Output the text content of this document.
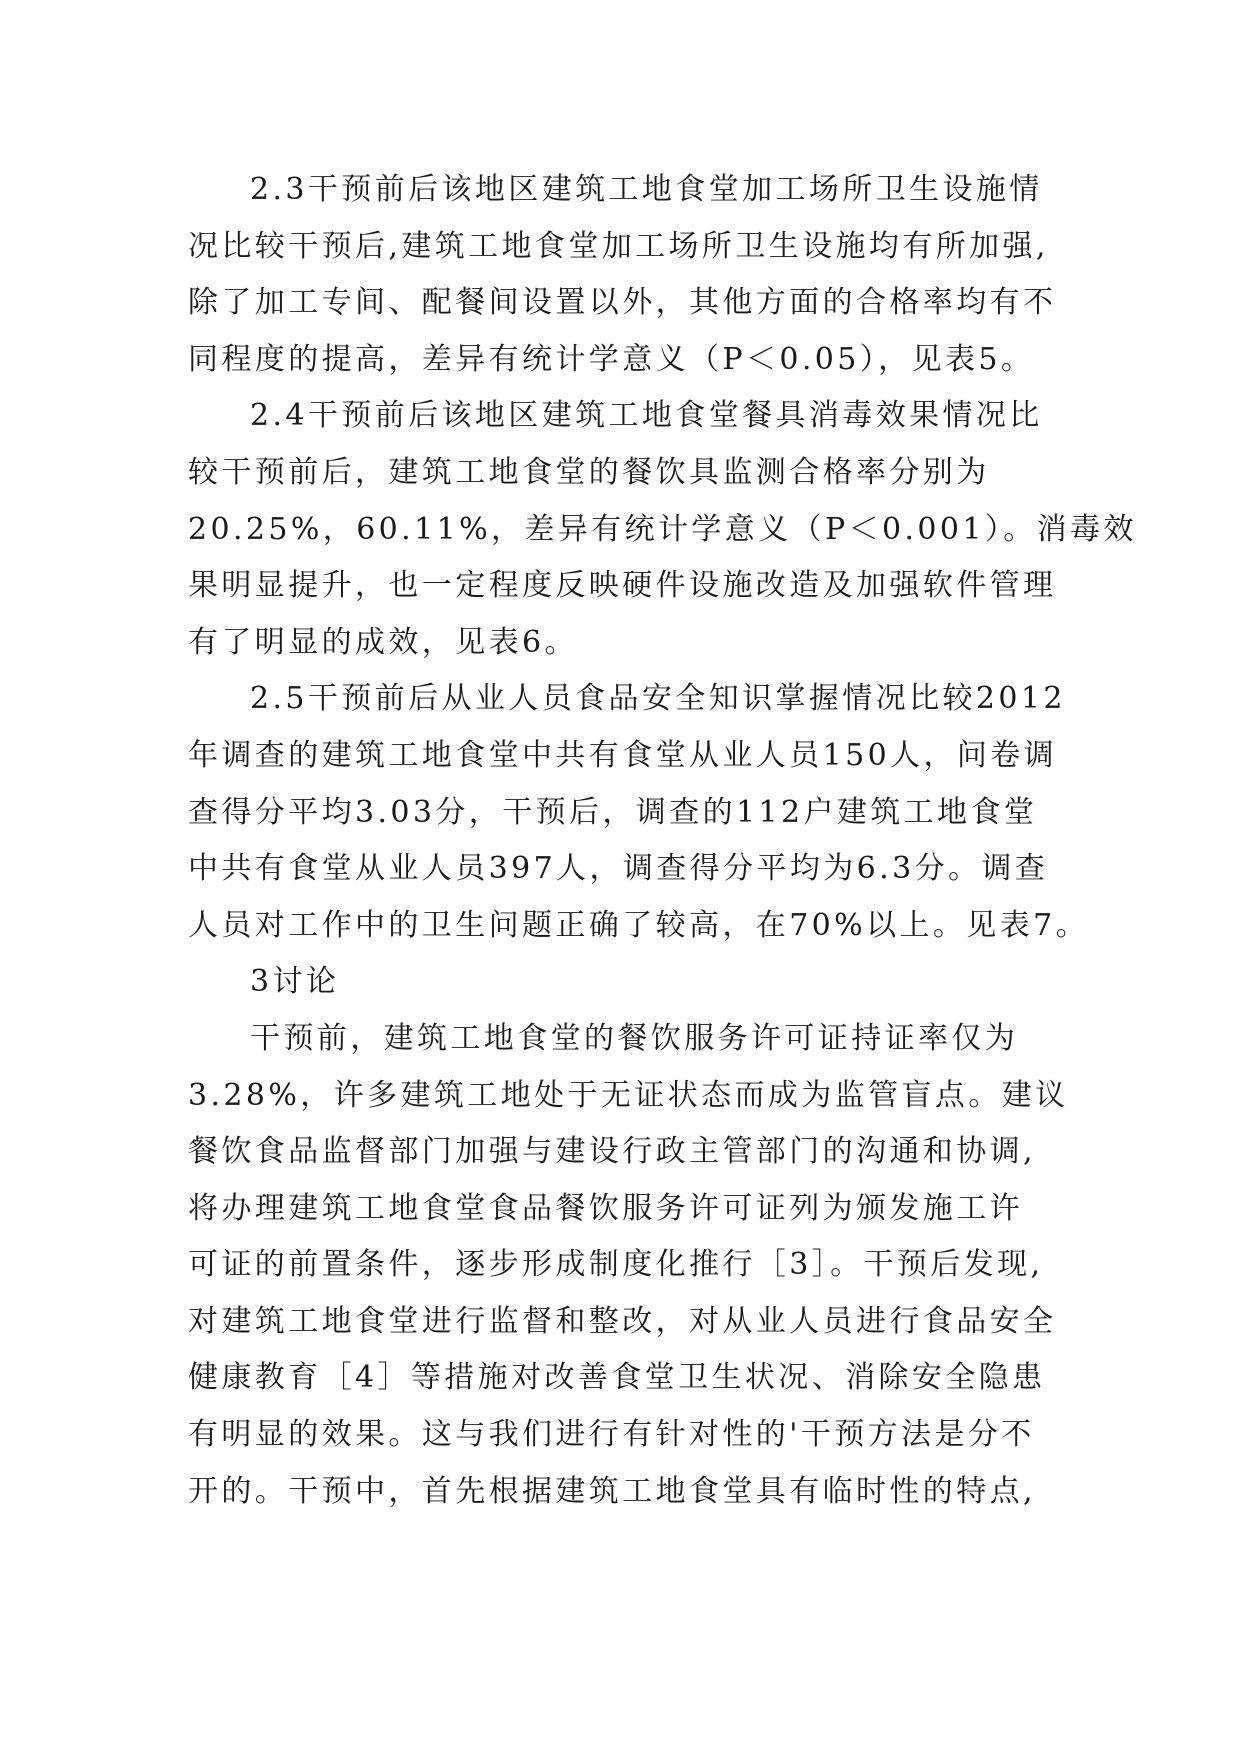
2.3干预前后该地区建筑工地食堂加工场所卫生设施情
况比较干预后,建筑工地食堂加工场所卫生设施均有所加强,
除了加工专间、配餐间设置以外，其他方面的合格率均有不
同程度的提高，差异有统计学意义（P＜0.05），见表5。
2.4干预前后该地区建筑工地食堂餐具消毒效果情况比
较干预前后，建筑工地食堂的餐饮具监测合格率分别为
20.25%，60.11%，差异有统计学意义（P＜0.001）。消毒效
果明显提升，也一定程度反映硬件设施改造及加强软件管理
有了明显的成效，见表6。
2.5干预前后从业人员食品安全知识掌握情况比较2012
年调查的建筑工地食堂中共有食堂从业人员150人，问卷调
查得分平均3.03分，干预后，调查的112户建筑工地食堂
中共有食堂从业人员397人，调查得分平均为6.3分。调查
人员对工作中的卫生问题正确了较高，在70%以上。见表7。
3讨论
干预前，建筑工地食堂的餐饮服务许可证持证率仅为
3.28%，许多建筑工地处于无证状态而成为监管盲点。建议
餐饮食品监督部门加强与建设行政主管部门的沟通和协调,
将办理建筑工地食堂食品餐饮服务许可证列为颁发施工许
可证的前置条件，逐步形成制度化推行［3］。干预后发现,
对建筑工地食堂进行监督和整改，对从业人员进行食品安全
健康教育［4］等措施对改善食堂卫生状况、消除安全隐患
有明显的效果。这与我们进行有针对性的'干预方法是分不
开的。干预中，首先根据建筑工地食堂具有临时性的特点,
